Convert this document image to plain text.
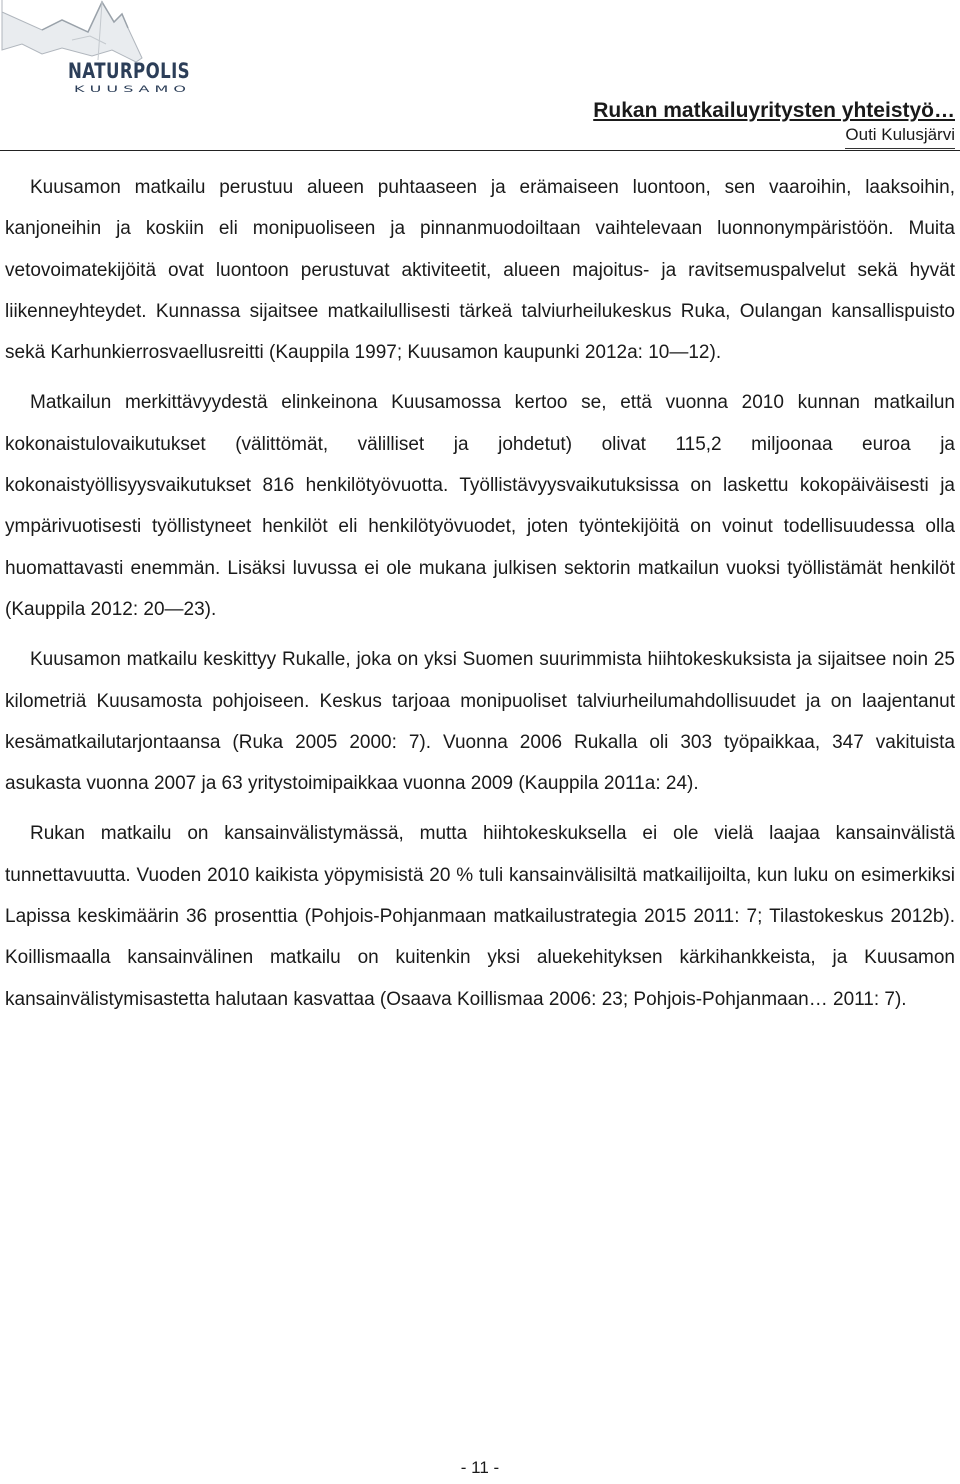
NATURPOLIS
K U U S A M O
Rukan matkailuyritysten yhteistyö…
Outi Kulusjärvi

Kuusamon matkailu perustuu alueen puhtaaseen ja erämaiseen luontoon, sen vaaroihin, laaksoihin, kanjoneihin ja koskiin eli monipuoliseen ja pinnanmuodoiltaan vaihtelevaan luonnonympäristöön. Muita vetovoimatekijöitä ovat luontoon perustuvat aktiviteetit, alueen majoitus- ja ravitsemuspalvelut sekä hyvät liikenneyhteydet. Kunnassa sijaitsee matkailullisesti tärkeä talviurheilukeskus Ruka, Oulangan kansallispuisto sekä Karhunkierrosvaellusreitti (Kauppila 1997; Kuusamon kaupunki 2012a: 10—12).

Matkailun merkittävyydestä elinkeinona Kuusamossa kertoo se, että vuonna 2010 kunnan matkailun kokonaistulovaikutukset (välittömät, välilliset ja johdetut) olivat 115,2 miljoonaa euroa ja kokonaistyöllisyysvaikutukset 816 henkilötyövuotta. Työllistävyysvaikutuksissa on laskettu kokopäiväisesti ja ympärivuotisesti työllistyneet henkilöt eli henkilötyövuodet, joten työntekijöitä on voinut todellisuudessa olla huomattavasti enemmän. Lisäksi luvussa ei ole mukana julkisen sektorin matkailun vuoksi työllistämät henkilöt (Kauppila 2012: 20—23).

Kuusamon matkailu keskittyy Rukalle, joka on yksi Suomen suurimmista hiihtokeskuksista ja sijaitsee noin 25 kilometriä Kuusamosta pohjoiseen. Keskus tarjoaa monipuoliset talviurheilumahdollisuudet ja on laajentanut kesämatkailutarjontaansa (Ruka 2005 2000: 7). Vuonna 2006 Rukalla oli 303 työpaikkaa, 347 vakituista asukasta vuonna 2007 ja 63 yritystoimipaikkaa vuonna 2009 (Kauppila 2011a: 24).

Rukan matkailu on kansainvälistymässä, mutta hiihtokeskuksella ei ole vielä laajaa kansainvälistä tunnettavuutta. Vuoden 2010 kaikista yöpymisistä 20 % tuli kansainvälisiltä matkailijoilta, kun luku on esimerkiksi Lapissa keskimäärin 36 prosenttia (Pohjois-Pohjanmaan matkailustrategia 2015 2011: 7; Tilastokeskus 2012b). Koillismaalla kansainvälinen matkailu on kuitenkin yksi aluekehityksen kärkihankkeista, ja Kuusamon kansainvälistymisastetta halutaan kasvattaa (Osaava Koillismaa 2006: 23; Pohjois-Pohjanmaan… 2011: 7).

- 11 -
